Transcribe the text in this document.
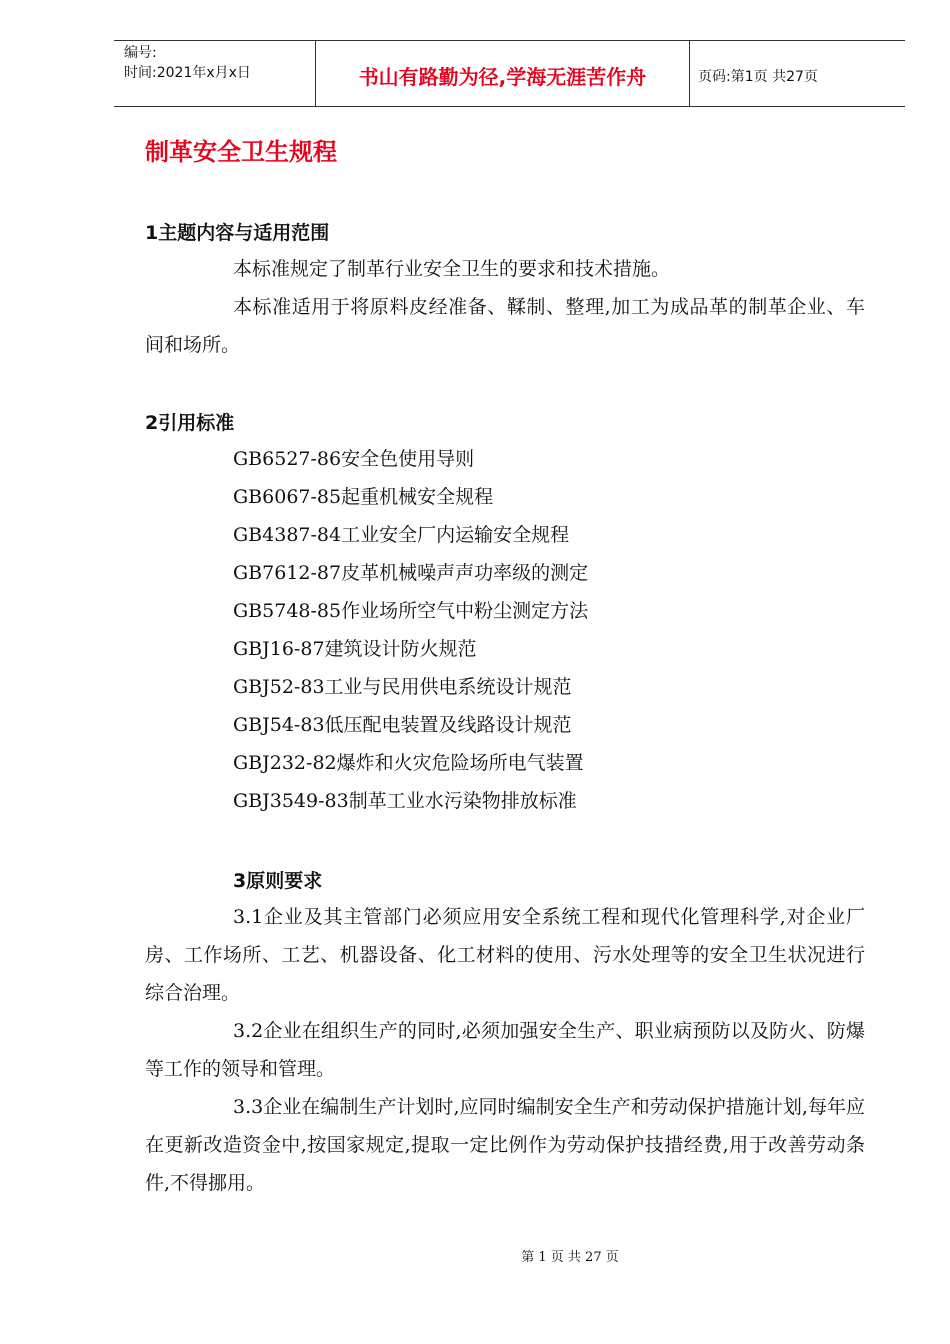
编号:
时间:2021年x月x日	书山有路勤为径,学海无涯苦作舟	页码:第1页 共27页
制革安全卫生规程
1主题内容与适用范围

本标准规定了制革行业安全卫生的要求和技术措施。

本标准适用于将原料皮经准备、鞣制、整理,加工为成品革的制革企业、车间和场所。

2引用标准
GB6527-86安全色使用导则
GB6067-85起重机械安全规程
GB4387-84工业安全厂内运输安全规程
GB7612-87皮革机械噪声声功率级的测定
GB5748-85作业场所空气中粉尘测定方法
GBJ16-87建筑设计防火规范
GBJ52-83工业与民用供电系统设计规范
GBJ54-83低压配电装置及线路设计规范
GBJ232-82爆炸和火灾危险场所电气装置
GBJ3549-83制革工业水污染物排放标准
3原则要求

3.1企业及其主管部门必须应用安全系统工程和现代化管理科学,对企业厂房、工作场所、工艺、机器设备、化工材料的使用、污水处理等的安全卫生状况进行综合治理。

3.2企业在组织生产的同时,必须加强安全生产、职业病预防以及防火、防爆等工作的领导和管理。

3.3企业在编制生产计划时,应同时编制安全生产和劳动保护措施计划,每年应在更新改造资金中,按国家规定,提取一定比例作为劳动保护技措经费,用于改善劳动条件,不得挪用。

第 1 页 共 27 页
